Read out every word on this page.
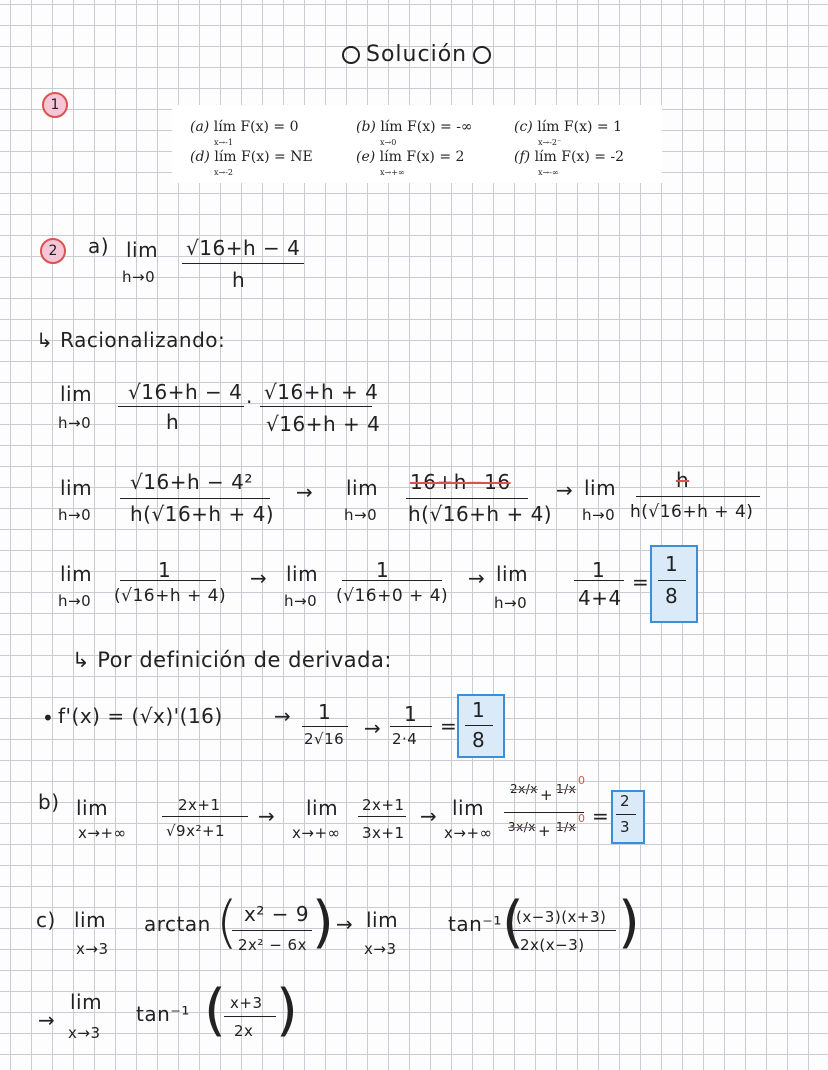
Solución
1
(a) lím F(x) = 0
x→-1
(b) lím F(x) = -∞
x→0
(c) lím F(x) = 1
x→-2⁻
(d) lím F(x) = NE
x→-2
(e) lím F(x) = 2
x→+∞
(f) lím F(x) = -2
x→-∞
2	a) lim
h→0
√16+h − 4
h
↳ Racionalizando:
lim
h→0
√16+h − 4
h
· √16+h + 4
√16+h + 4
lim
h→0
√16+h − 4²
h(√16+h + 4)
→ lim
h→0
16+h−16
h(√16+h + 4)
→ lim
h→0
h
h(√16+h + 4)
lim
h→0
1
(√16+h + 4)
→ lim
h→0
1
(√16+0 + 4)
→ lim
h→0
1
4+4
=
1
8
↳ Por definición de derivada:
• f'(x) = (√x)'(16)	→ 1
2√16 →
1
2·4
=
1
8
b) lim
x→+∞
2x+1
√9x²+1
→ lim
x→+∞
2x+1
3x+1
→ lim
x→+∞
2x/x + 1/x
0
3x/x + 1/x
0 =
2
3
c) lim
x→3
arctan ( x² − 9
2x² − 6x ) → lim
x→3
tan⁻¹ (
(x−3)(x+3)
2x(x−3) )
→
lim
x→3
tan⁻¹ ( x+3
2x )
